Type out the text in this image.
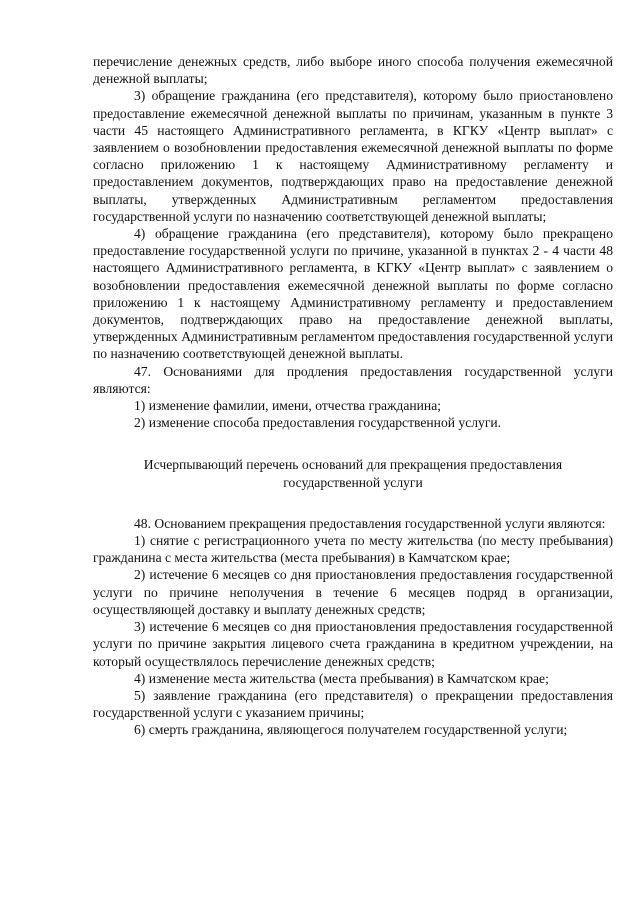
перечисление денежных средств, либо выборе иного способа получения ежемесячной денежной выплаты;

3) обращение гражданина (его представителя), которому было приостановлено предоставление ежемесячной денежной выплаты по причинам, указанным в пункте 3 части 45 настоящего Административного регламента, в КГКУ «Центр выплат» с заявлением о возобновлении предоставления ежемесячной денежной выплаты по форме согласно приложению 1 к настоящему Административному регламенту и предоставлением документов, подтверждающих право на предоставление денежной выплаты, утвержденных Административным регламентом предоставления государственной услуги по назначению соответствующей денежной выплаты;

4) обращение гражданина (его представителя), которому было прекращено предоставление государственной услуги по причине, указанной в пунктах 2 - 4 части 48 настоящего Административного регламента, в КГКУ «Центр выплат» с заявлением о возобновлении предоставления ежемесячной денежной выплаты по форме согласно приложению 1 к настоящему Административному регламенту и предоставлением документов, подтверждающих право на предоставление денежной выплаты, утвержденных Административным регламентом предоставления государственной услуги по назначению соответствующей денежной выплаты.

47. Основаниями для продления предоставления государственной услуги являются:

1) изменение фамилии, имени, отчества гражданина;

2) изменение способа предоставления государственной услуги.

Исчерпывающий перечень оснований для прекращения предоставления

государственной услуги

48. Основанием прекращения предоставления государственной услуги являются:

1) снятие с регистрационного учета по месту жительства (по месту пребывания) гражданина с места жительства (места пребывания) в Камчатском крае;

2) истечение 6 месяцев со дня приостановления предоставления государственной услуги по причине неполучения в течение 6 месяцев подряд в организации, осуществляющей доставку и выплату денежных средств;

3) истечение 6 месяцев со дня приостановления предоставления государственной услуги по причине закрытия лицевого счета гражданина в кредитном учреждении, на который осуществлялось перечисление денежных средств;

4) изменение места жительства (места пребывания) в Камчатском крае;

5) заявление гражданина (его представителя) о прекращении предоставления государственной услуги с указанием причины;

6) смерть гражданина, являющегося получателем государственной услуги;
